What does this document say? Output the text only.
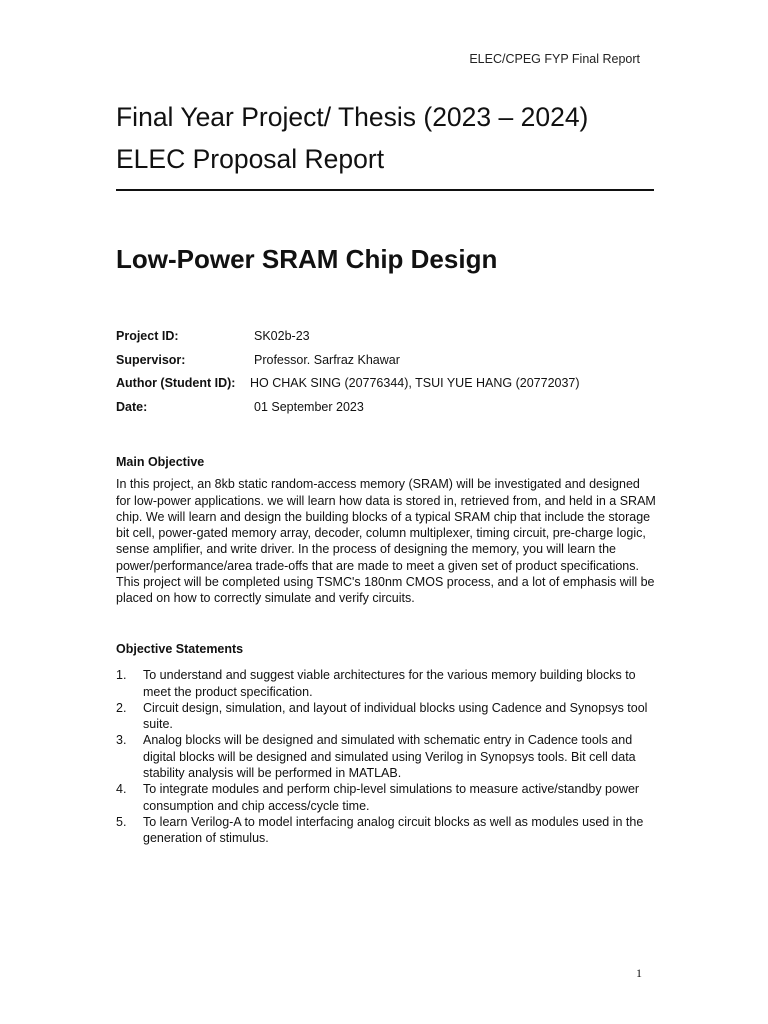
ELEC/CPEG FYP Final Report
Final Year Project/ Thesis (2023 – 2024)
ELEC Proposal Report
Low-Power SRAM Chip Design
Project ID:	SK02b-23
Supervisor:	Professor. Sarfraz Khawar
Author (Student ID): HO CHAK SING (20776344), TSUI YUE HANG (20772037)
Date:	01 September 2023
Main Objective

In this project, an 8kb static random-access memory (SRAM) will be investigated and designed for low-power applications. we will learn how data is stored in, retrieved from, and held in a SRAM chip. We will learn and design the building blocks of a typical SRAM chip that include the storage bit cell, power-gated memory array, decoder, column multiplexer, timing circuit, pre-charge logic, sense amplifier, and write driver. In the process of designing the memory, you will learn the power/performance/area trade-offs that are made to meet a given set of product specifications. This project will be completed using TSMC's 180nm CMOS process, and a lot of emphasis will be placed on how to correctly simulate and verify circuits.

Objective Statements
1. To understand and suggest viable architectures for the various memory building blocks to meet the product specification.
2. Circuit design, simulation, and layout of individual blocks using Cadence and Synopsys tool suite.
3. Analog blocks will be designed and simulated with schematic entry in Cadence tools and digital blocks will be designed and simulated using Verilog in Synopsys tools. Bit cell data stability analysis will be performed in MATLAB.
4. To integrate modules and perform chip-level simulations to measure active/standby power consumption and chip access/cycle time.
5. To learn Verilog-A to model interfacing analog circuit blocks as well as modules used in the generation of stimulus.
1
